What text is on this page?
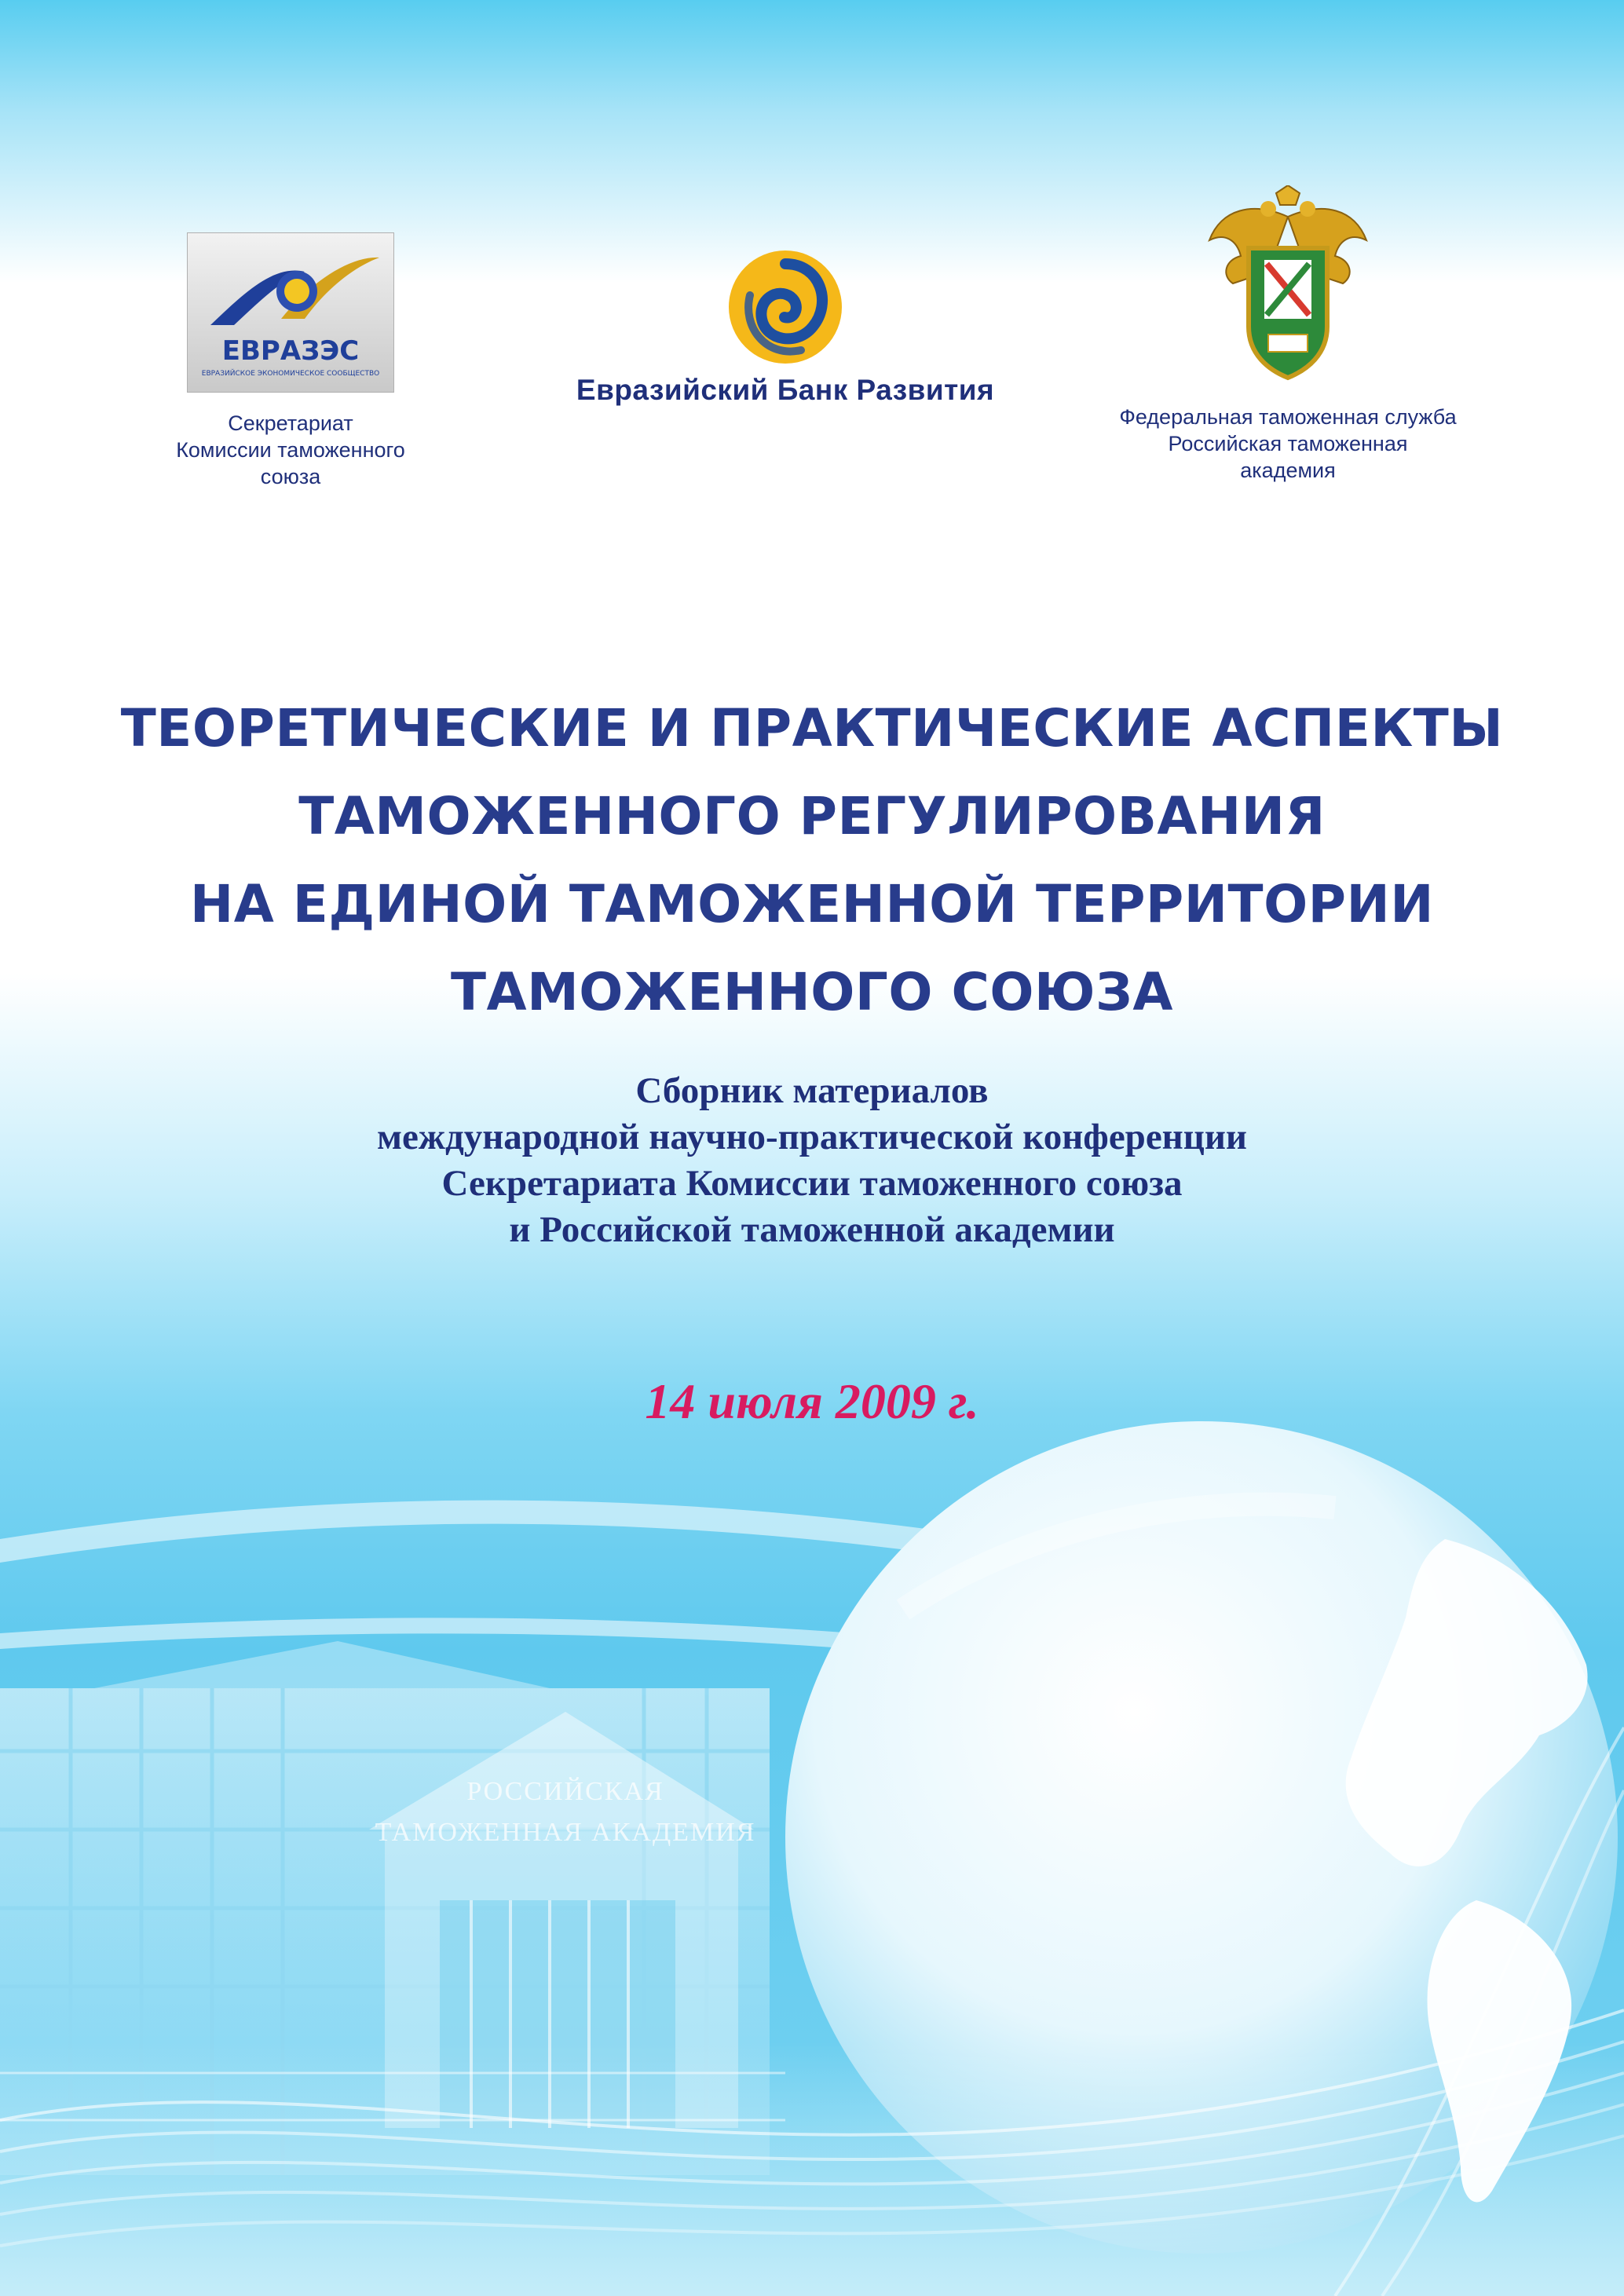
РОССИЙСКАЯ
ТАМОЖЕННАЯ АКАДЕМИЯ
ЕВРАЗЭС
ЕВРАЗИЙСКОЕ ЭКОНОМИЧЕСКОЕ СООБЩЕСТВО
Секретариат
Комиссии таможенного
союза
Евразийский Банк Развития
Федеральная таможенная служба
Российская таможенная
академия
ТЕОРЕТИЧЕСКИЕ И ПРАКТИЧЕСКИЕ АСПЕКТЫ
ТАМОЖЕННОГО РЕГУЛИРОВАНИЯ
НА ЕДИНОЙ ТАМОЖЕННОЙ ТЕРРИТОРИИ
ТАМОЖЕННОГО СОЮЗА
Сборник материалов
международной научно-практической конференции
Секретариата Комиссии таможенного союза
и Российской таможенной академии
14 июля 2009 г.
